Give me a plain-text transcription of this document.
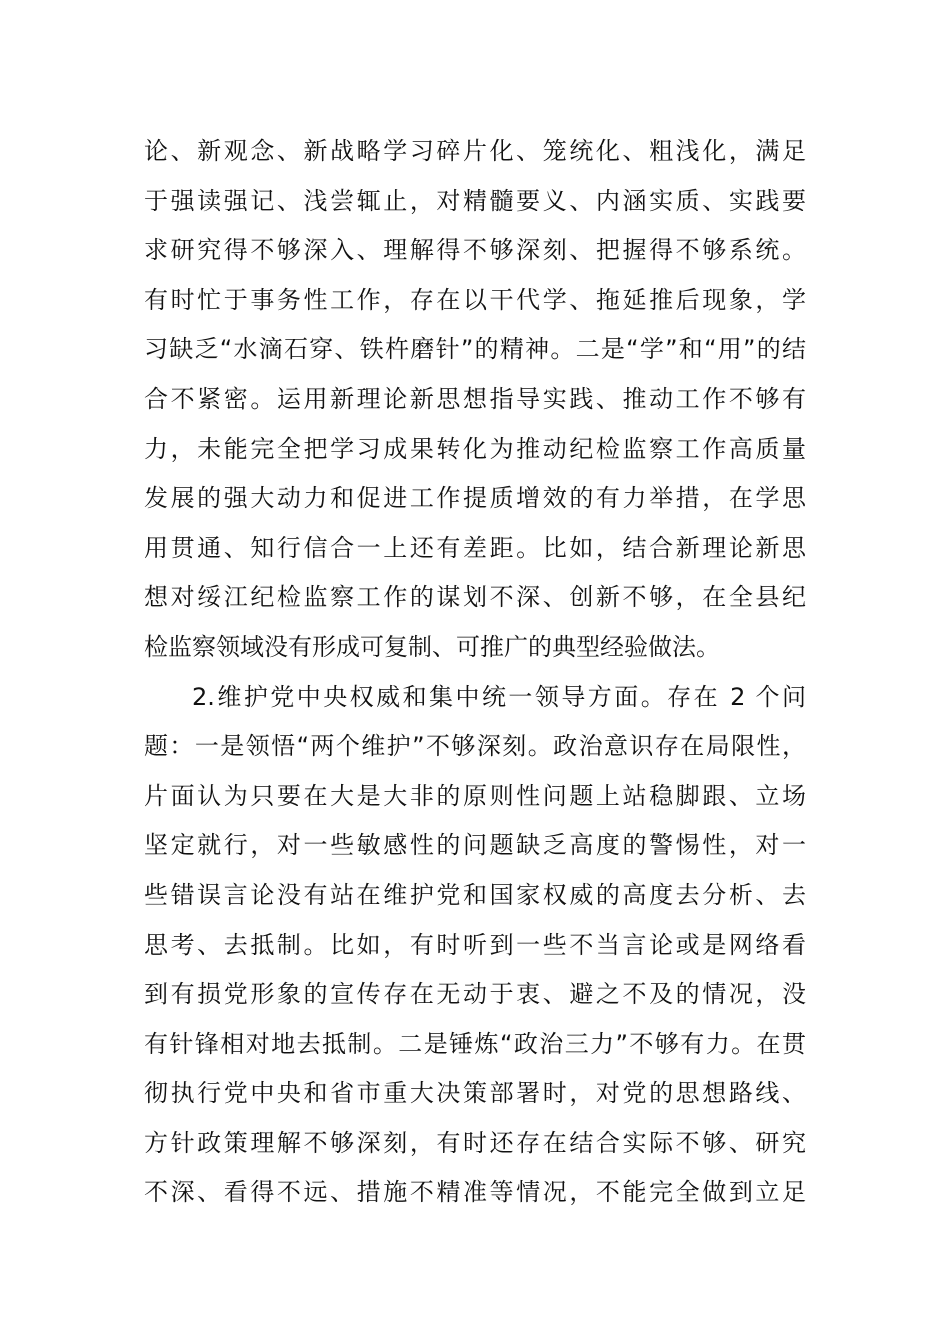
论、新观念、新战略学习碎片化、笼统化、粗浅化，满足
于强读强记、浅尝辄止，对精髓要义、内涵实质、实践要
求研究得不够深入、理解得不够深刻、把握得不够系统。
有时忙于事务性工作，存在以干代学、拖延推后现象，学
习缺乏“水滴石穿、铁杵磨针”的精神。二是“学”和“用”的结
合不紧密。运用新理论新思想指导实践、推动工作不够有
力，未能完全把学习成果转化为推动纪检监察工作高质量
发展的强大动力和促进工作提质增效的有力举措，在学思
用贯通、知行信合一上还有差距。比如，结合新理论新思
想对绥江纪检监察工作的谋划不深、创新不够，在全县纪
检监察领域没有形成可复制、可推广的典型经验做法。
2.维护党中央权威和集中统一领导方面。存在 2 个问
题：一是领悟“两个维护”不够深刻。政治意识存在局限性，
片面认为只要在大是大非的原则性问题上站稳脚跟、立场
坚定就行，对一些敏感性的问题缺乏高度的警惕性，对一
些错误言论没有站在维护党和国家权威的高度去分析、去
思考、去抵制。比如，有时听到一些不当言论或是网络看
到有损党形象的宣传存在无动于衷、避之不及的情况，没
有针锋相对地去抵制。二是锤炼“政治三力”不够有力。在贯
彻执行党中央和省市重大决策部署时，对党的思想路线、
方针政策理解不够深刻，有时还存在结合实际不够、研究
不深、看得不远、措施不精准等情况，不能完全做到立足
